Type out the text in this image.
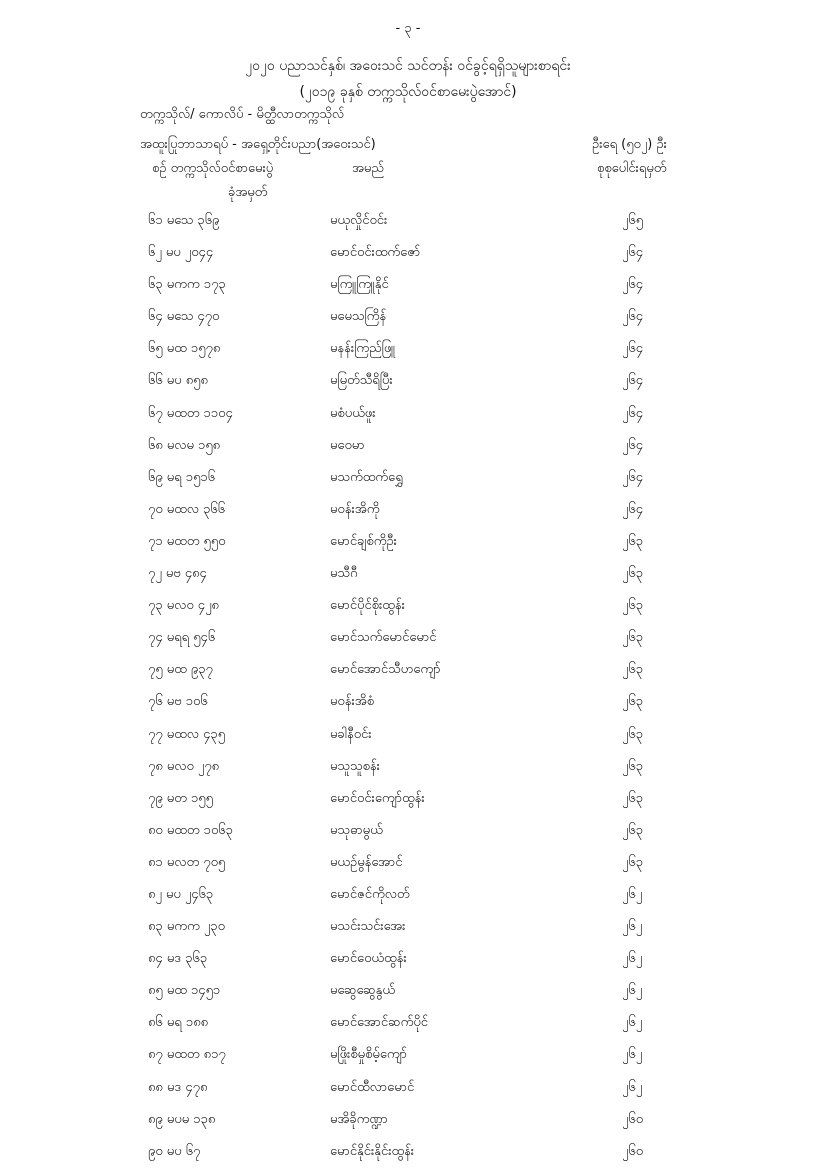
- ၃ -
၂၀၂၀ ပညာသင်နှစ်၊ အဝေးသင် သင်တန်း ဝင်ခွင့်ရရှိသူများစာရင်း
(၂၀၁၉ ခုနှစ် တက္ကသိုလ်ဝင်စာမေးပွဲအောင်)
တက္ကသိုလ်/ ကောလိပ် - မိတ္ထီလာတက္ကသိုလ်
အထူးပြုဘာသာရပ် - အရှေ့တိုင်းပညာ(အဝေးသင်)	ဦးရေ (၅၀၂) ဦး
စဉ် တက္ကသိုလ်ဝင်စာမေးပွဲ
ခုံအမှတ်
အမည်	စုစုပေါင်းရမှတ်
၆၁ မသေ ၃၆၉	မယုလှိုင်ဝင်း	၂၆၅
၆၂ မပ ၂၀၄၄	မောင်ဝင်းထက်ဇော်	၂၆၄
၆၃ မကက ၁၇၃	မကြူကြူနိုင်	၂၆၄
၆၄ မသေ ၄၇၀	မမေသကြိန်	၂၆၄
၆၅ မထ ၁၅၇၈	မနန်းကြည်ဖြူ	၂၆၄
၆၆ မပ ၈၅၈	မမြတ်သီရိပြီး	၂၆၄
၆၇ မထတ ၁၁၀၄	မစံပယ်ဖူး	၂၆၄
၆၈ မလမ ၁၅၈	မဝေမာ	၂၆၄
၆၉ မရ ၁၅၁၆	မသက်ထက်ရွှေ	၂၆၄
၇၀ မထလ ၃၆၆	မဝန်းအိကို	၂၆၄
၇၁ မထတ ၅၅၀	မောင်ချစ်ကိုဦး	၂၆၃
၇၂ မဗ ၄၈၄	မသီဂီ	၂၆၃
၇၃ မလဝ ၄၂၈	မောင်ပိုင်စိုးထွန်း	၂၆၃
၇၄ မရရ ၅၄၆	မောင်သက်မောင်မောင်	၂၆၃
၇၅ မထ ၉၃၇	မောင်အောင်သီဟကျော်	၂၆၃
၇၆ မဗ ၁၀၆	မဝန်းအိစံ	၂၆၃
၇၇ မထလ ၄၃၅	မခါနီဝင်း	၂၆၃
၇၈ မလဝ ၂၇၈	မသူသူစန်း	၂၆၃
၇၉ မတ ၁၅၅	မောင်ဝင်းကျော်ထွန်း	၂၆၃
၈၀ မထတ ၁၀၆၃	မသုဓာမွယ်	၂၆၃
၈၁ မလတ ၇၀၅	မယဉ်မွန်အောင်	၂၆၃
၈၂ မပ ၂၄၆၃	မောင်ဇင်ကိုလတ်	၂၆၂
၈၃ မကက ၂၃၀	မသင်းသင်းအေး	၂၆၂
၈၄ မဒ ၃၆၃	မောင်ဝေယံထွန်း	၂၆၂
၈၅ မထ ၁၄၅၁	မဆွေဆွေနွယ်	၂၆၂
၈၆ မရ ၁၈၈	မောင်အောင်ဆက်ပိုင်	၂၆၂
၈၇ မထတ ၈၁၇	မဖြိုးစီမှုစိမ့်ကျော်	၂၆၂
၈၈ မဒ ၄၇၈	မောင်ထီလာမောင်	၂၆၂
၈၉ မပမ ၁၃၈	မအိခိုကဏ္ဍာ	၂၆၀
၉၀ မပ ၆၇	မောင်နိုင်းနိုင်းထွန်း	၂၆၀
